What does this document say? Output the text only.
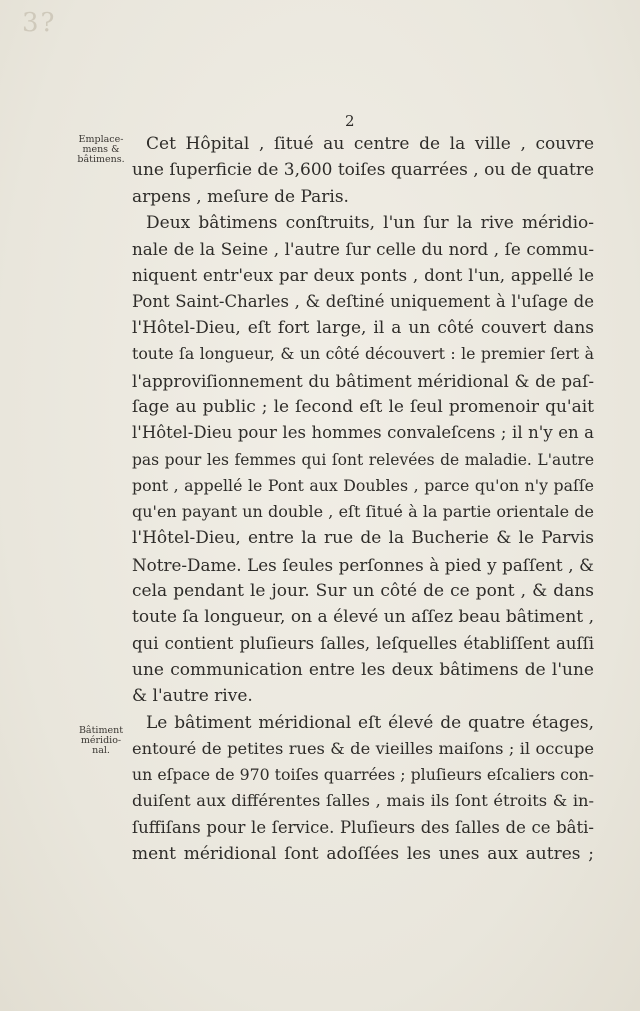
3?
2
Emplace-
mens &
bâtimens.
Bâtiment
méridio-
nal.

Cet Hôpital , ſitué au centre de la ville , couvre
une ſuperficie de 3,600 toiſes quarrées , ou de quatre
arpens , meſure de Paris.

Deux bâtimens conſtruits, l'un ſur la rive méridio-
nale de la Seine , l'autre ſur celle du nord , ſe commu-
niquent entr'eux par deux ponts , dont l'un, appellé le
Pont Saint-Charles , & deſtiné uniquement à l'uſage de
l'Hôtel-Dieu, eſt fort large, il a un côté couvert dans
toute ſa longueur, & un côté découvert : le premier ſert à
l'approviſionnement du bâtiment méridional & de paſ-
ſage au public ; le ſecond eſt le ſeul promenoir qu'ait
l'Hôtel-Dieu pour les hommes convaleſcens ; il n'y en a
pas pour les femmes qui ſont relevées de maladie. L'autre
pont , appellé le Pont aux Doubles , parce qu'on n'y paſſe
qu'en payant un double , eſt ſitué à la partie orientale de
l'Hôtel-Dieu, entre la rue de la Bucherie & le Parvis
Notre-Dame. Les ſeules perſonnes à pied y paſſent , &
cela pendant le jour. Sur un côté de ce pont , & dans
toute ſa longueur, on a élevé un aſſez beau bâtiment ,
qui contient pluſieurs ſalles, leſquelles établiſſent auſſi
une communication entre les deux bâtimens de l'une
& l'autre rive.

Le bâtiment méridional eſt élevé de quatre étages,
entouré de petites rues & de vieilles maiſons ; il occupe
un eſpace de 970 toiſes quarrées ; pluſieurs eſcaliers con-
duiſent aux différentes ſalles , mais ils ſont étroits & in-
ſuffiſans pour le ſervice. Pluſieurs des ſalles de ce bâti-
ment méridional ſont adoſſées les unes aux autres ;
